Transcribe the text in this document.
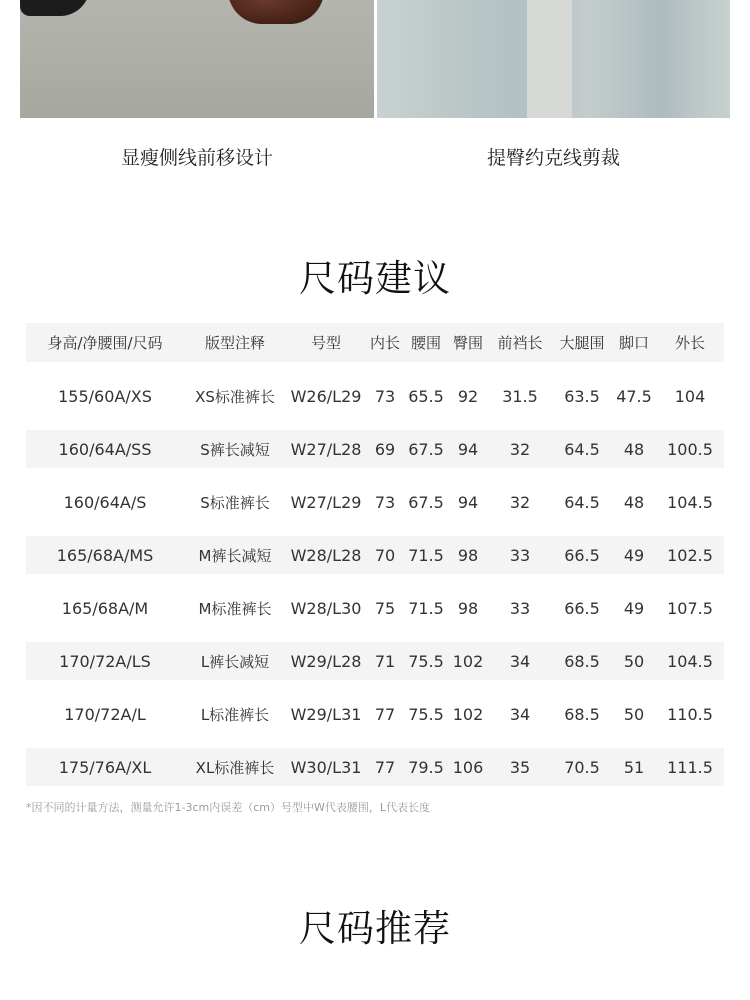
显瘦侧线前移设计	提臀约克线剪裁
尺码建议
身高/净腰围/尺码	版型注释	号型	内长	腰围	臀围	前裆长	大腿围	脚口	外长
155/60A/XS	XS标准裤长	W26/L29	73	65.5	92	31.5	63.5	47.5	104
160/64A/SS	S裤长减短	W27/L28	69	67.5	94	32	64.5	48	100.5
160/64A/S	S标准裤长	W27/L29	73	67.5	94	32	64.5	48	104.5
165/68A/MS	M裤长减短	W28/L28	70	71.5	98	33	66.5	49	102.5
165/68A/M	M标准裤长	W28/L30	75	71.5	98	33	66.5	49	107.5
170/72A/LS	L裤长减短	W29/L28	71	75.5	102	34	68.5	50	104.5
170/72A/L	L标准裤长	W29/L31	77	75.5	102	34	68.5	50	110.5
175/76A/XL	XL标准裤长	W30/L31	77	79.5	106	35	70.5	51	111.5
*因不同的计量方法，测量允许1-3cm内误差（cm）号型中W代表腰围，L代表长度
尺码推荐
